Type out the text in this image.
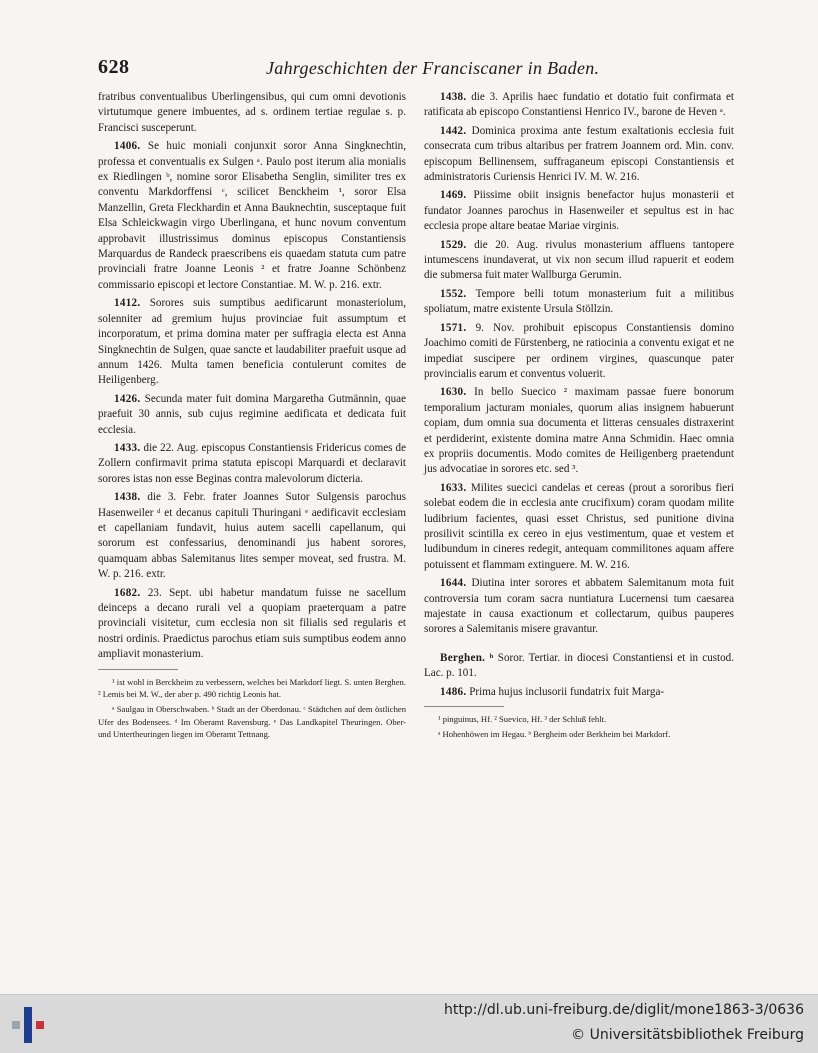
628	Jahrgeschichten der Franciscaner in Baden.

fratribus conventualibus Uberlingensibus, qui cum omni devotionis virtutumque genere imbuentes, ad s. ordinem tertiae regulae s. p. Francisci susceperunt.

1406. Se huic moniali conjunxit soror Anna Singknechtin, professa et conventualis ex Sulgen ᵃ. Paulo post iterum alia monialis ex Riedlingen ᵇ, nomine soror Elisabetha Senglin, similiter tres ex conventu Markdorffensi ᶜ, scilicet Benckheim ¹, soror Elsa Manzellin, Greta Fleckhardin et Anna Bauknechtin, susceptaque fuit Elsa Schleickwagin virgo Uberlingana, et hunc novum conventum approbavit illustrissimus dominus episcopus Constantiensis Marquardus de Randeck praescribens eis quaedam statuta cum patre provinciali fratre Joanne Leonis ² et fratre Joanne Schönbenz commissario episcopi et lectore Constantiae. M. W. p. 216. extr.

1412. Sorores suis sumptibus aedificarunt monasteriolum, solenniter ad gremium hujus provinciae fuit assumptum et incorporatum, et prima domina mater per suffragia electa est Anna Singknechtin de Sulgen, quae sancte et laudabiliter praefuit usque ad annum 1426. Multa tamen beneficia contulerunt comites de Heiligenberg.

1426. Secunda mater fuit domina Margaretha Gutmännin, quae praefuit 30 annis, sub cujus regimine aedificata et dedicata fuit ecclesia.

1433. die 22. Aug. episcopus Constantiensis Fridericus comes de Zollern confirmavit prima statuta episcopi Marquardi et declaravit sorores istas non esse Beginas contra malevolorum dicteria.

1438. die 3. Febr. frater Joannes Sutor Sulgensis parochus Hasenweiler ᵈ et decanus capituli Thuringani ᵉ aedificavit ecclesiam et capellaniam fundavit, huius autem sacelli capellanum, qui sororum est confessarius, denominandi jus habent sorores, quamquam abbas Salemitanus lites semper moveat, sed frustra. M. W. p. 216. extr.

1682. 23. Sept. ubi habetur mandatum fuisse ne sacellum deinceps a decano rurali vel a quopiam praeterquam a patre provinciali visitetur, cum ecclesia non sit filialis sed regularis et nostri ordinis. Praedictus parochus etiam suis sumptibus eodem anno ampliavit monasterium.

¹ ist wohl in Berckheim zu verbessern, welches bei Markdorf liegt. S. unten Berghen. ² Lemis bei M. W., der aber p. 490 richtig Leonis hat.

ᵃ Saulgau in Oberschwaben. ᵇ Stadt an der Oberdonau. ᶜ Städtchen auf dem östlichen Ufer des Bodensees. ᵈ Im Oberamt Ravensburg. ᵉ Das Landkapitel Theuringen. Ober- und Untertheuringen liegen im Oberamt Tettnang.

1438. die 3. Aprilis haec fundatio et dotatio fuit confirmata et ratificata ab episcopo Constantiensi Henrico IV., barone de Heven ᵃ.

1442. Dominica proxima ante festum exaltationis ecclesia fuit consecrata cum tribus altaribus per fratrem Joannem ord. Min. conv. episcopum Bellinensem, suffraganeum episcopi Constantiensis et administratoris Curiensis Henrici IV. M. W. 216.

1469. Piissime obiit insignis benefactor hujus monasterii et fundator Joannes parochus in Hasenweiler et sepultus est in hac ecclesia prope altare beatae Mariae virginis.

1529. die 20. Aug. rivulus monasterium affluens tantopere intumescens inundaverat, ut vix non secum illud rapuerit et eodem die submersa fuit mater Wallburga Gerumin.

1552. Tempore belli totum monasterium fuit a militibus spoliatum, matre existente Ursula Stöllzin.

1571. 9. Nov. prohibuit episcopus Constantiensis domino Joachimo comiti de Fürstenberg, ne ratiocinia a conventu exigat et ne impediat suscipere per ordinem virgines, quascunque pater provincialis earum et conventus voluerit.

1630. In bello Suecico ² maximam passae fuere bonorum temporalium jacturam moniales, quorum alias insignem habuerunt copiam, dum omnia sua documenta et litteras censuales distraxerint et perdiderint, existente domina matre Anna Schmidin. Haec omnia ex propriis documentis. Modo comites de Heiligenberg praetendunt jus advocatiae in sorores etc. sed ³.

1633. Milites suecici candelas et cereas (prout a sororibus fieri solebat eodem die in ecclesia ante crucifixum) coram quodam milite ludibrium facientes, quasi esset Christus, sed punitione divina prosilivit scintilla ex cereo in ejus vestimentum, quae et vestem et ludibundum in cineres redegit, antequam commilitones aquam affere potuissent et flammam extinguere. M. W. 216.

1644. Diutina inter sorores et abbatem Salemitanum mota fuit controversia tum coram sacra nuntiatura Lucernensi tum caesarea majestate in causa exactionum et collectarum, quibus pauperes sorores a Salemitanis misere gravantur.

Berghen. ᵇ Soror. Tertiar. in diocesi Constantiensi et in custod. Lac. p. 101.

1486. Prima hujus inclusorii fundatrix fuit Marga-

¹ pinguinus, Hf. ² Suevico, Hf. ³ der Schluß fehlt.

ᵃ Hohenhöwen im Hegau. ᵇ Bergheim oder Berkheim bei Markdorf.

http://dl.ub.uni-freiburg.de/diglit/mone1863-3/0636
© Universitätsbibliothek Freiburg
